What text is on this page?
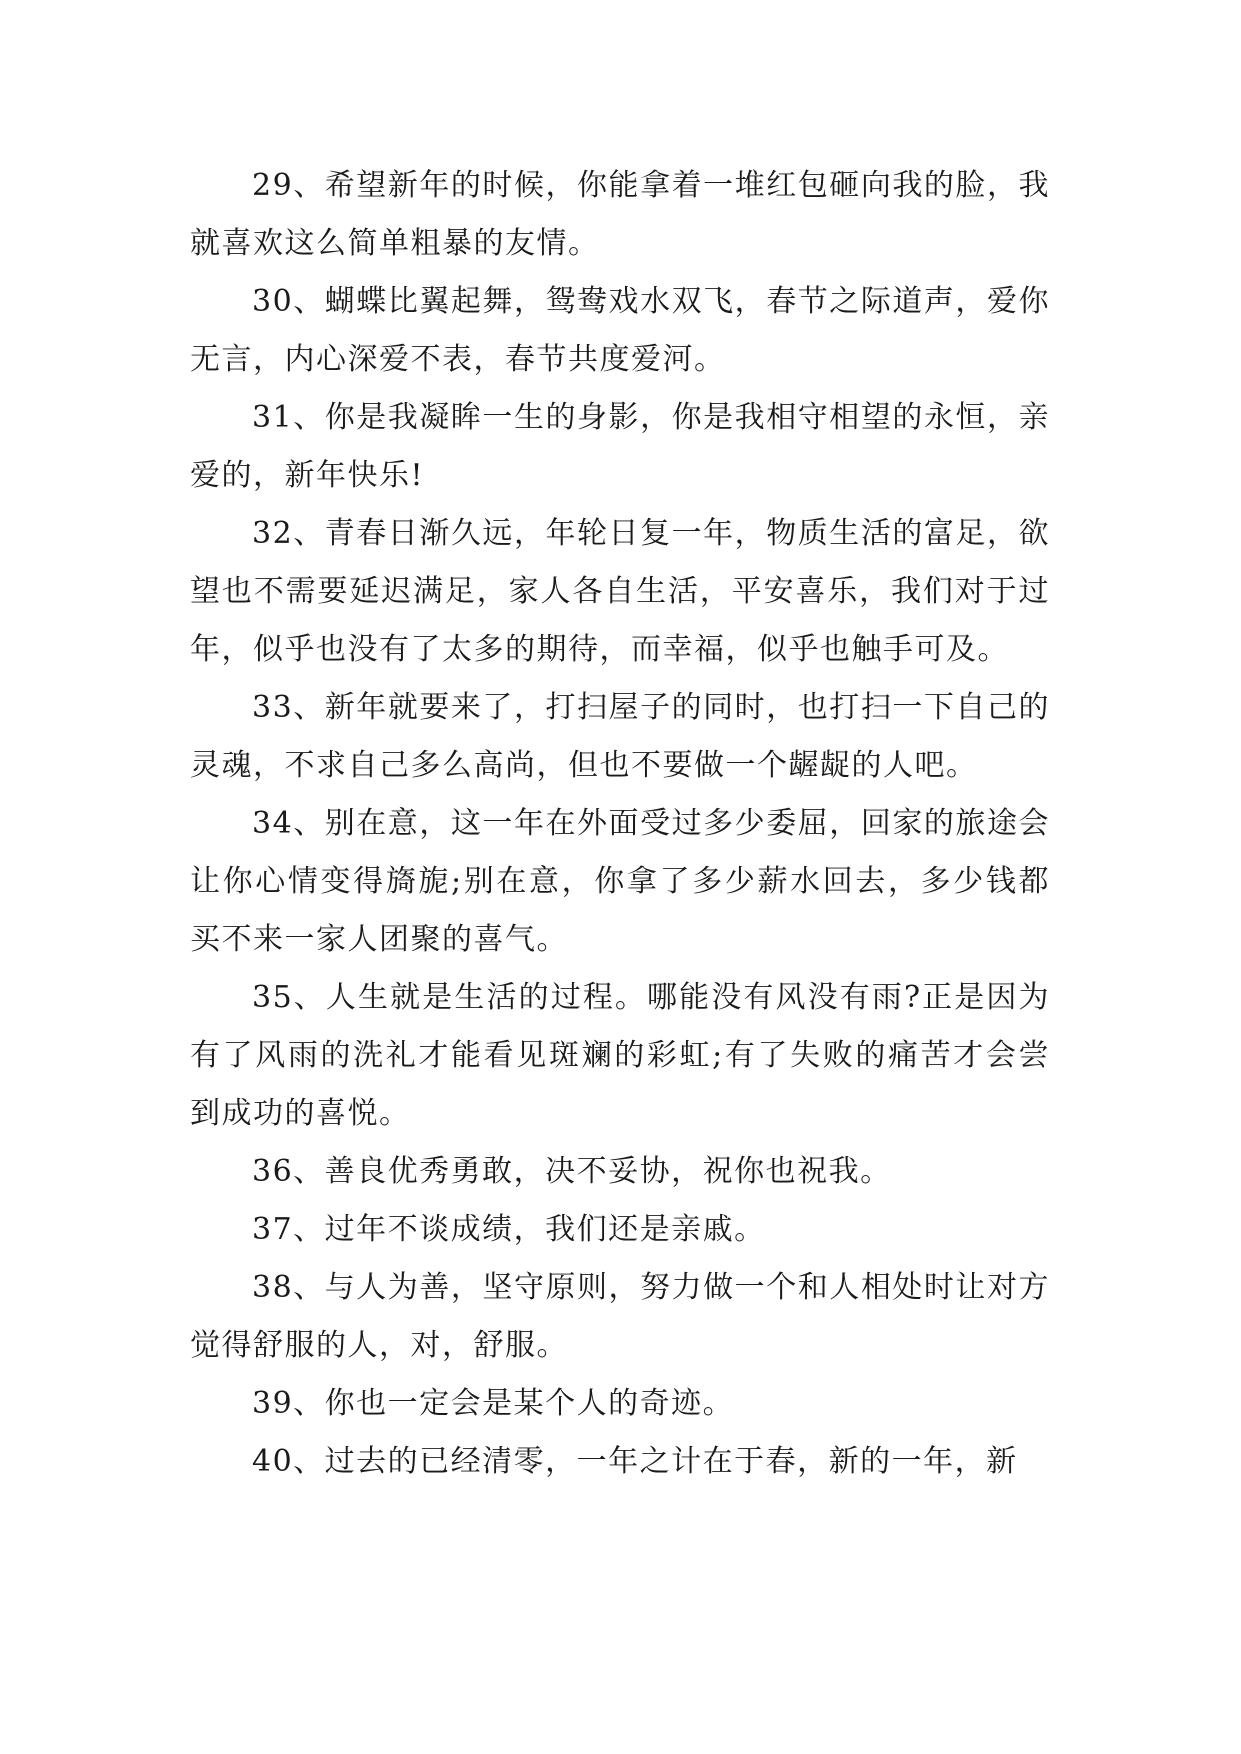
29、希望新年的时候，你能拿着一堆红包砸向我的脸，我就喜欢这么简单粗暴的友情。

30、蝴蝶比翼起舞，鸳鸯戏水双飞，春节之际道声，爱你无言，内心深爱不表，春节共度爱河。

31、你是我凝眸一生的身影，你是我相守相望的永恒，亲爱的，新年快乐!

32、青春日渐久远，年轮日复一年，物质生活的富足，欲望也不需要延迟满足，家人各自生活，平安喜乐，我们对于过年，似乎也没有了太多的期待，而幸福，似乎也触手可及。

33、新年就要来了，打扫屋子的同时，也打扫一下自己的灵魂，不求自己多么高尚，但也不要做一个龌龊的人吧。

34、别在意，这一年在外面受过多少委屈，回家的旅途会让你心情变得旖旎;别在意，你拿了多少薪水回去，多少钱都买不来一家人团聚的喜气。

35、人生就是生活的过程。哪能没有风没有雨?正是因为有了风雨的洗礼才能看见斑斓的彩虹;有了失败的痛苦才会尝到成功的喜悦。

36、善良优秀勇敢，决不妥协，祝你也祝我。

37、过年不谈成绩，我们还是亲戚。

38、与人为善，坚守原则，努力做一个和人相处时让对方觉得舒服的人，对，舒服。

39、你也一定会是某个人的奇迹。

40、过去的已经清零，一年之计在于春，新的一年，新
